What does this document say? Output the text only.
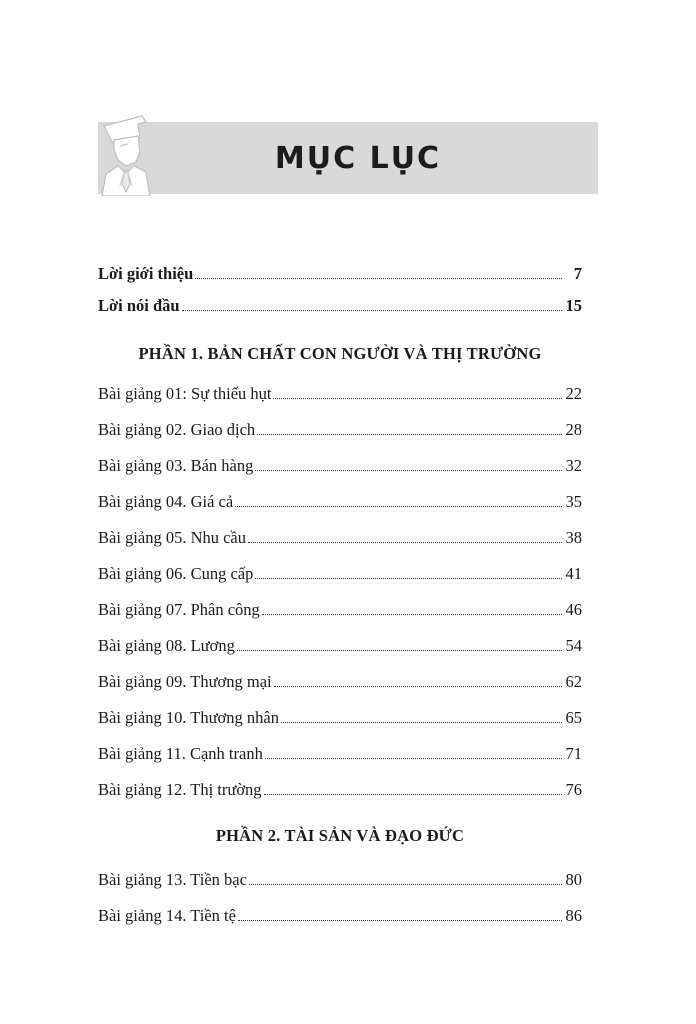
MỤC LỤC
Lời giới thiệu	7
Lời nói đầu	15
PHẦN 1. BẢN CHẤT CON NGƯỜI VÀ THỊ TRƯỜNG
Bài giảng 01: Sự thiếu hụt	22
Bài giảng 02. Giao dịch	28
Bài giảng 03. Bán hàng	32
Bài giảng 04. Giá cả	35
Bài giảng 05. Nhu cầu	38
Bài giảng 06. Cung cấp	41
Bài giảng 07. Phân công	46
Bài giảng 08. Lương	54
Bài giảng 09. Thương mại	62
Bài giảng 10. Thương nhân	65
Bài giảng 11. Cạnh tranh	71
Bài giảng 12. Thị trường	76
PHẦN 2. TÀI SẢN VÀ ĐẠO ĐỨC
Bài giảng 13. Tiền bạc	80
Bài giảng 14. Tiền tệ	86
